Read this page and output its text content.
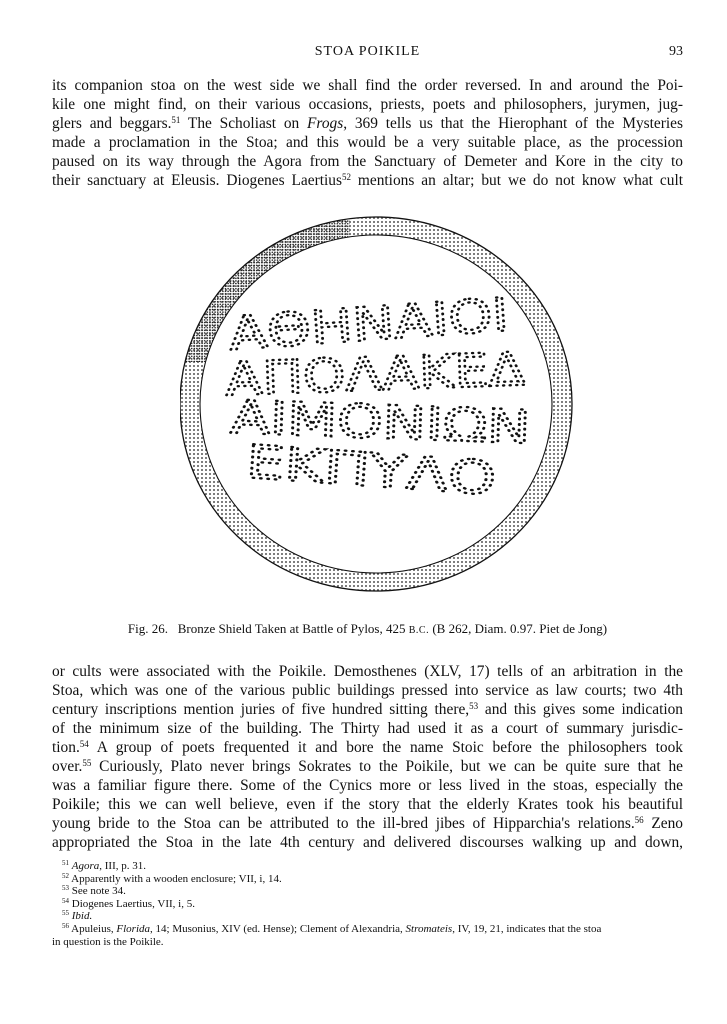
STOA POIKILE	93
its companion stoa on the west side we shall find the order reversed. In and around the Poi-
kile one might find, on their various occasions, priests, poets and philosophers, jurymen, jug-
glers and beggars.$^{51}$ The Scholiast on Frogs, 369 tells us that the Hierophant of the Mysteries
made a proclamation in the Stoa; and this would be a very suitable place, as the procession
paused on its way through the Agora from the Sanctuary of Demeter and Kore in the city to
their sanctuary at Eleusis. Diogenes Laertius$^{52}$ mentions an altar; but we do not know what cult
ΑΘΗΝΑΙΟΙ
ΑΠΟΛΑΚΕΔ
ΑΙΜΟΝΙΩΝ
ΕΚΠΥΛΟ
Fig. 26. Bronze Shield Taken at Battle of Pylos, 425 B.C. (B 262, Diam. 0.97. Piet de Jong)
or cults were associated with the Poikile. Demosthenes (XLV, 17) tells of an arbitration in the
Stoa, which was one of the various public buildings pressed into service as law courts; two 4th
century inscriptions mention juries of five hundred sitting there,$^{53}$ and this gives some indication
of the minimum size of the building. The Thirty had used it as a court of summary jurisdic-
tion.$^{54}$ A group of poets frequented it and bore the name Stoic before the philosophers took
over.$^{55}$ Curiously, Plato never brings Sokrates to the Poikile, but we can be quite sure that he
was a familiar figure there. Some of the Cynics more or less lived in the stoas, especially the
Poikile; this we can well believe, even if the story that the elderly Krates took his beautiful
young bride to the Stoa can be attributed to the ill-bred jibes of Hipparchia's relations.$^{56}$ Zeno
appropriated the Stoa in the late 4th century and delivered discourses walking up and down,
$^{51}$ Agora, III, p. 31.
$^{52}$ Apparently with a wooden enclosure; VII, i, 14.
$^{53}$ See note 34.
$^{54}$ Diogenes Laertius, VII, i, 5.
$^{55}$ Ibid.
$^{56}$ Apuleius, Florida, 14; Musonius, XIV (ed. Hense); Clement of Alexandria, Stromateis, IV, 19, 21, indicates that the stoa
in question is the Poikile.
